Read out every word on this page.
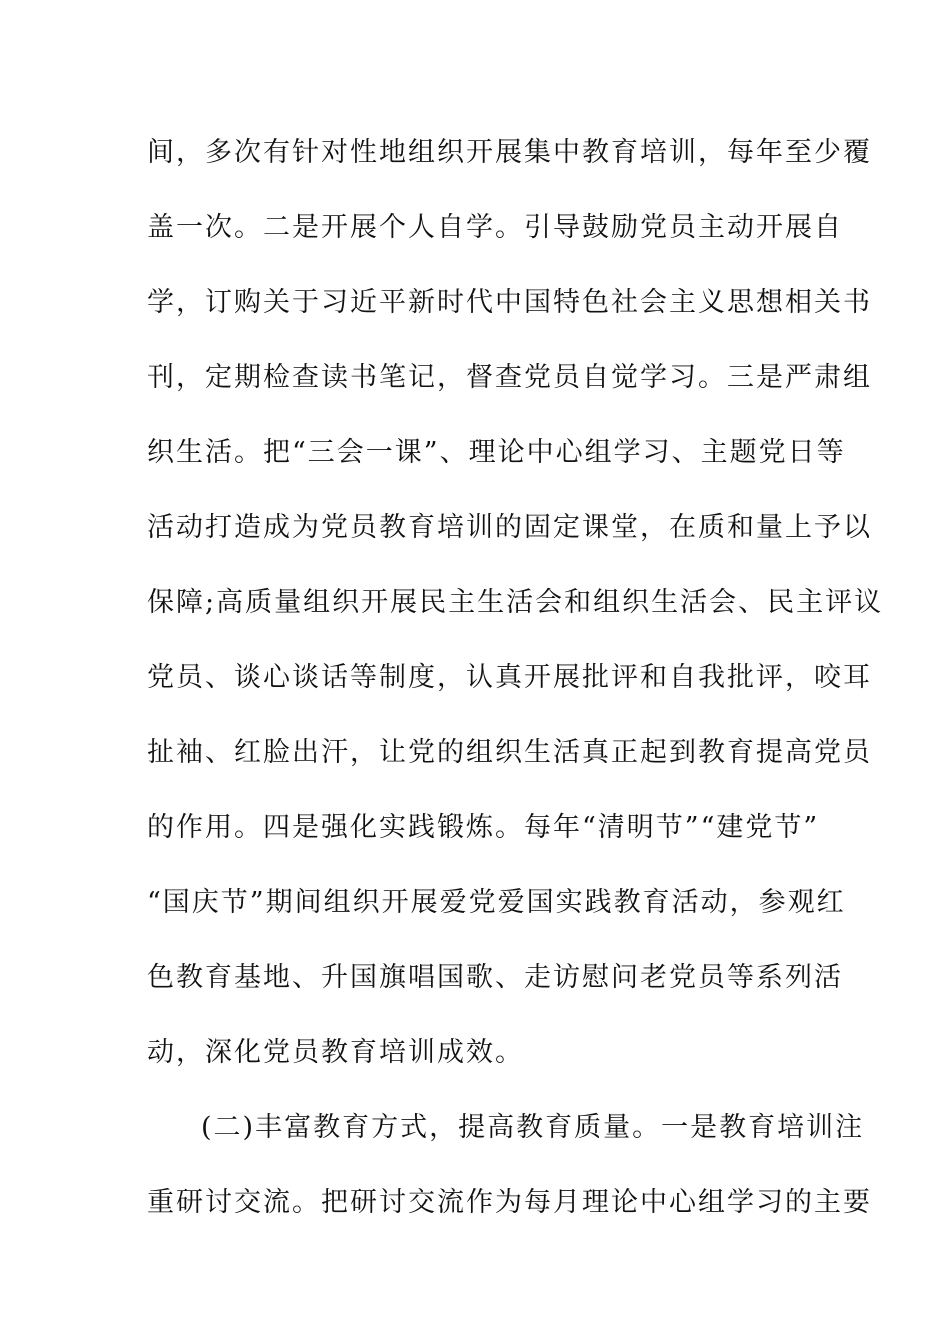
间，多次有针对性地组织开展集中教育培训，每年至少覆
盖一次。二是开展个人自学。引导鼓励党员主动开展自
学，订购关于习近平新时代中国特色社会主义思想相关书
刊，定期检查读书笔记，督查党员自觉学习。三是严肃组
织生活。把“三会一课”、理论中心组学习、主题党日等
活动打造成为党员教育培训的固定课堂，在质和量上予以
保障;高质量组织开展民主生活会和组织生活会、民主评议
党员、谈心谈话等制度，认真开展批评和自我批评，咬耳
扯袖、红脸出汗，让党的组织生活真正起到教育提高党员
的作用。四是强化实践锻炼。每年“清明节”“建党节”
“国庆节”期间组织开展爱党爱国实践教育活动，参观红
色教育基地、升国旗唱国歌、走访慰问老党员等系列活
动，深化党员教育培训成效。
(二)丰富教育方式，提高教育质量。一是教育培训注
重研讨交流。把研讨交流作为每月理论中心组学习的主要
